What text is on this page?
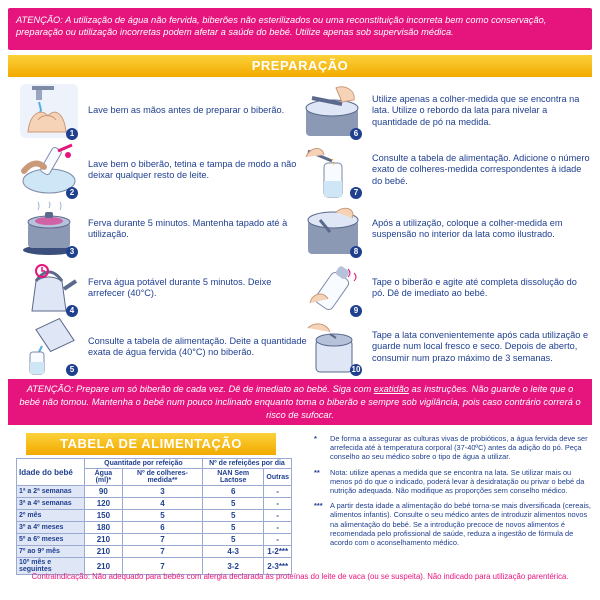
ATENÇÃO: A utilização de água não fervida, biberões não esterilizados ou uma reconstituição incorreta bem como conservação, preparação ou utilização incorretas podem afetar a saúde do bebé. Utilize apenas sob supervisão médica.
PREPARAÇÃO
1
Lave bem as mãos antes de preparar o biberão.
2
Lave bem o biberão, tetina e tampa de modo a não deixar qualquer resto de leite.
3
Ferva durante 5 minutos. Mantenha tapado até à utilização.
4
Ferva água potável durante 5 minutos. Deixe arrefecer (40°C).
5
Consulte a tabela de alimentação. Deite a quantidade exata de água fervida (40°C) no biberão.
6
Utilize apenas a colher-medida que se encontra na lata. Utilize o rebordo da lata para nivelar a quantidade de pó na medida.
7
Consulte a tabela de alimentação. Adicione o número exato de colheres-medida correspondentes à idade do bebé.
8
Após a utilização, coloque a colher-medida em suspensão no interior da lata como ilustrado.
9
Tape o biberão e agite até completa dissolução do pó. Dê de imediato ao bebé.
10
Tape a lata convenientemente após cada utilização e guarde num local fresco e seco. Depois de aberto, consumir num prazo máximo de 3 semanas.
ATENÇÃO: Prepare um só biberão de cada vez. Dê de imediato ao bebé. Siga com exatidão as instruções. Não guarde o leite que o bebé não tomou. Mantenha o bebé num pouco inclinado enquanto toma o biberão e sempre sob vigilância, pois caso contrário correrá o risco de sufocar.
TABELA DE ALIMENTAÇÃO
Idade do bebé	Quantitade por refeição		Nº de refeições por dia	
	Água (ml)*	Nº de colheres-medida**	NAN Sem Lactose	Outras
1ª a 2ª semanas	90	3	6	-
3ª a 4ª semanas	120	4	5	-
2º mês	150	5	5	-
3º a 4º meses	180	6	5	-
5º a 6º meses	210	7	5	-
7º ao 9º mês	210	7	4-3	1-2***
10º mês e seguintes	210	7	3-2	2-3***
*	De forma a assegurar as culturas vivas de probióticos, a água fervida deve ser arrefecida até à temperatura corporal (37-40ºC) antes da adição do pó. Peça conselho ao seu médico sobre o tipo de água a utilizar.
**	Nota: utilize apenas a medida que se encontra na lata. Se utilizar mais ou menos pó do que o indicado, poderá levar à desidratação ou privar o bebé da nutrição adequada. Não modifique as proporções sem conselho médico.
*** A partir desta idade a alimentação do bebé torna-se mais diversificada (cereais, alimentos infantis). Consulte o seu médico antes de introduzir alimentos novos na alimentação do bebé. Se a introdução precoce de novos alimentos é recomendada pelo profissional de saúde, reduza a ingestão de fórmula de acordo com o aconselhamento médico.
Contraindicação: Não adequado para bebés com alergia declarada às proteínas do leite de vaca (ou se suspeita). Não indicado para utilização parentérica.
